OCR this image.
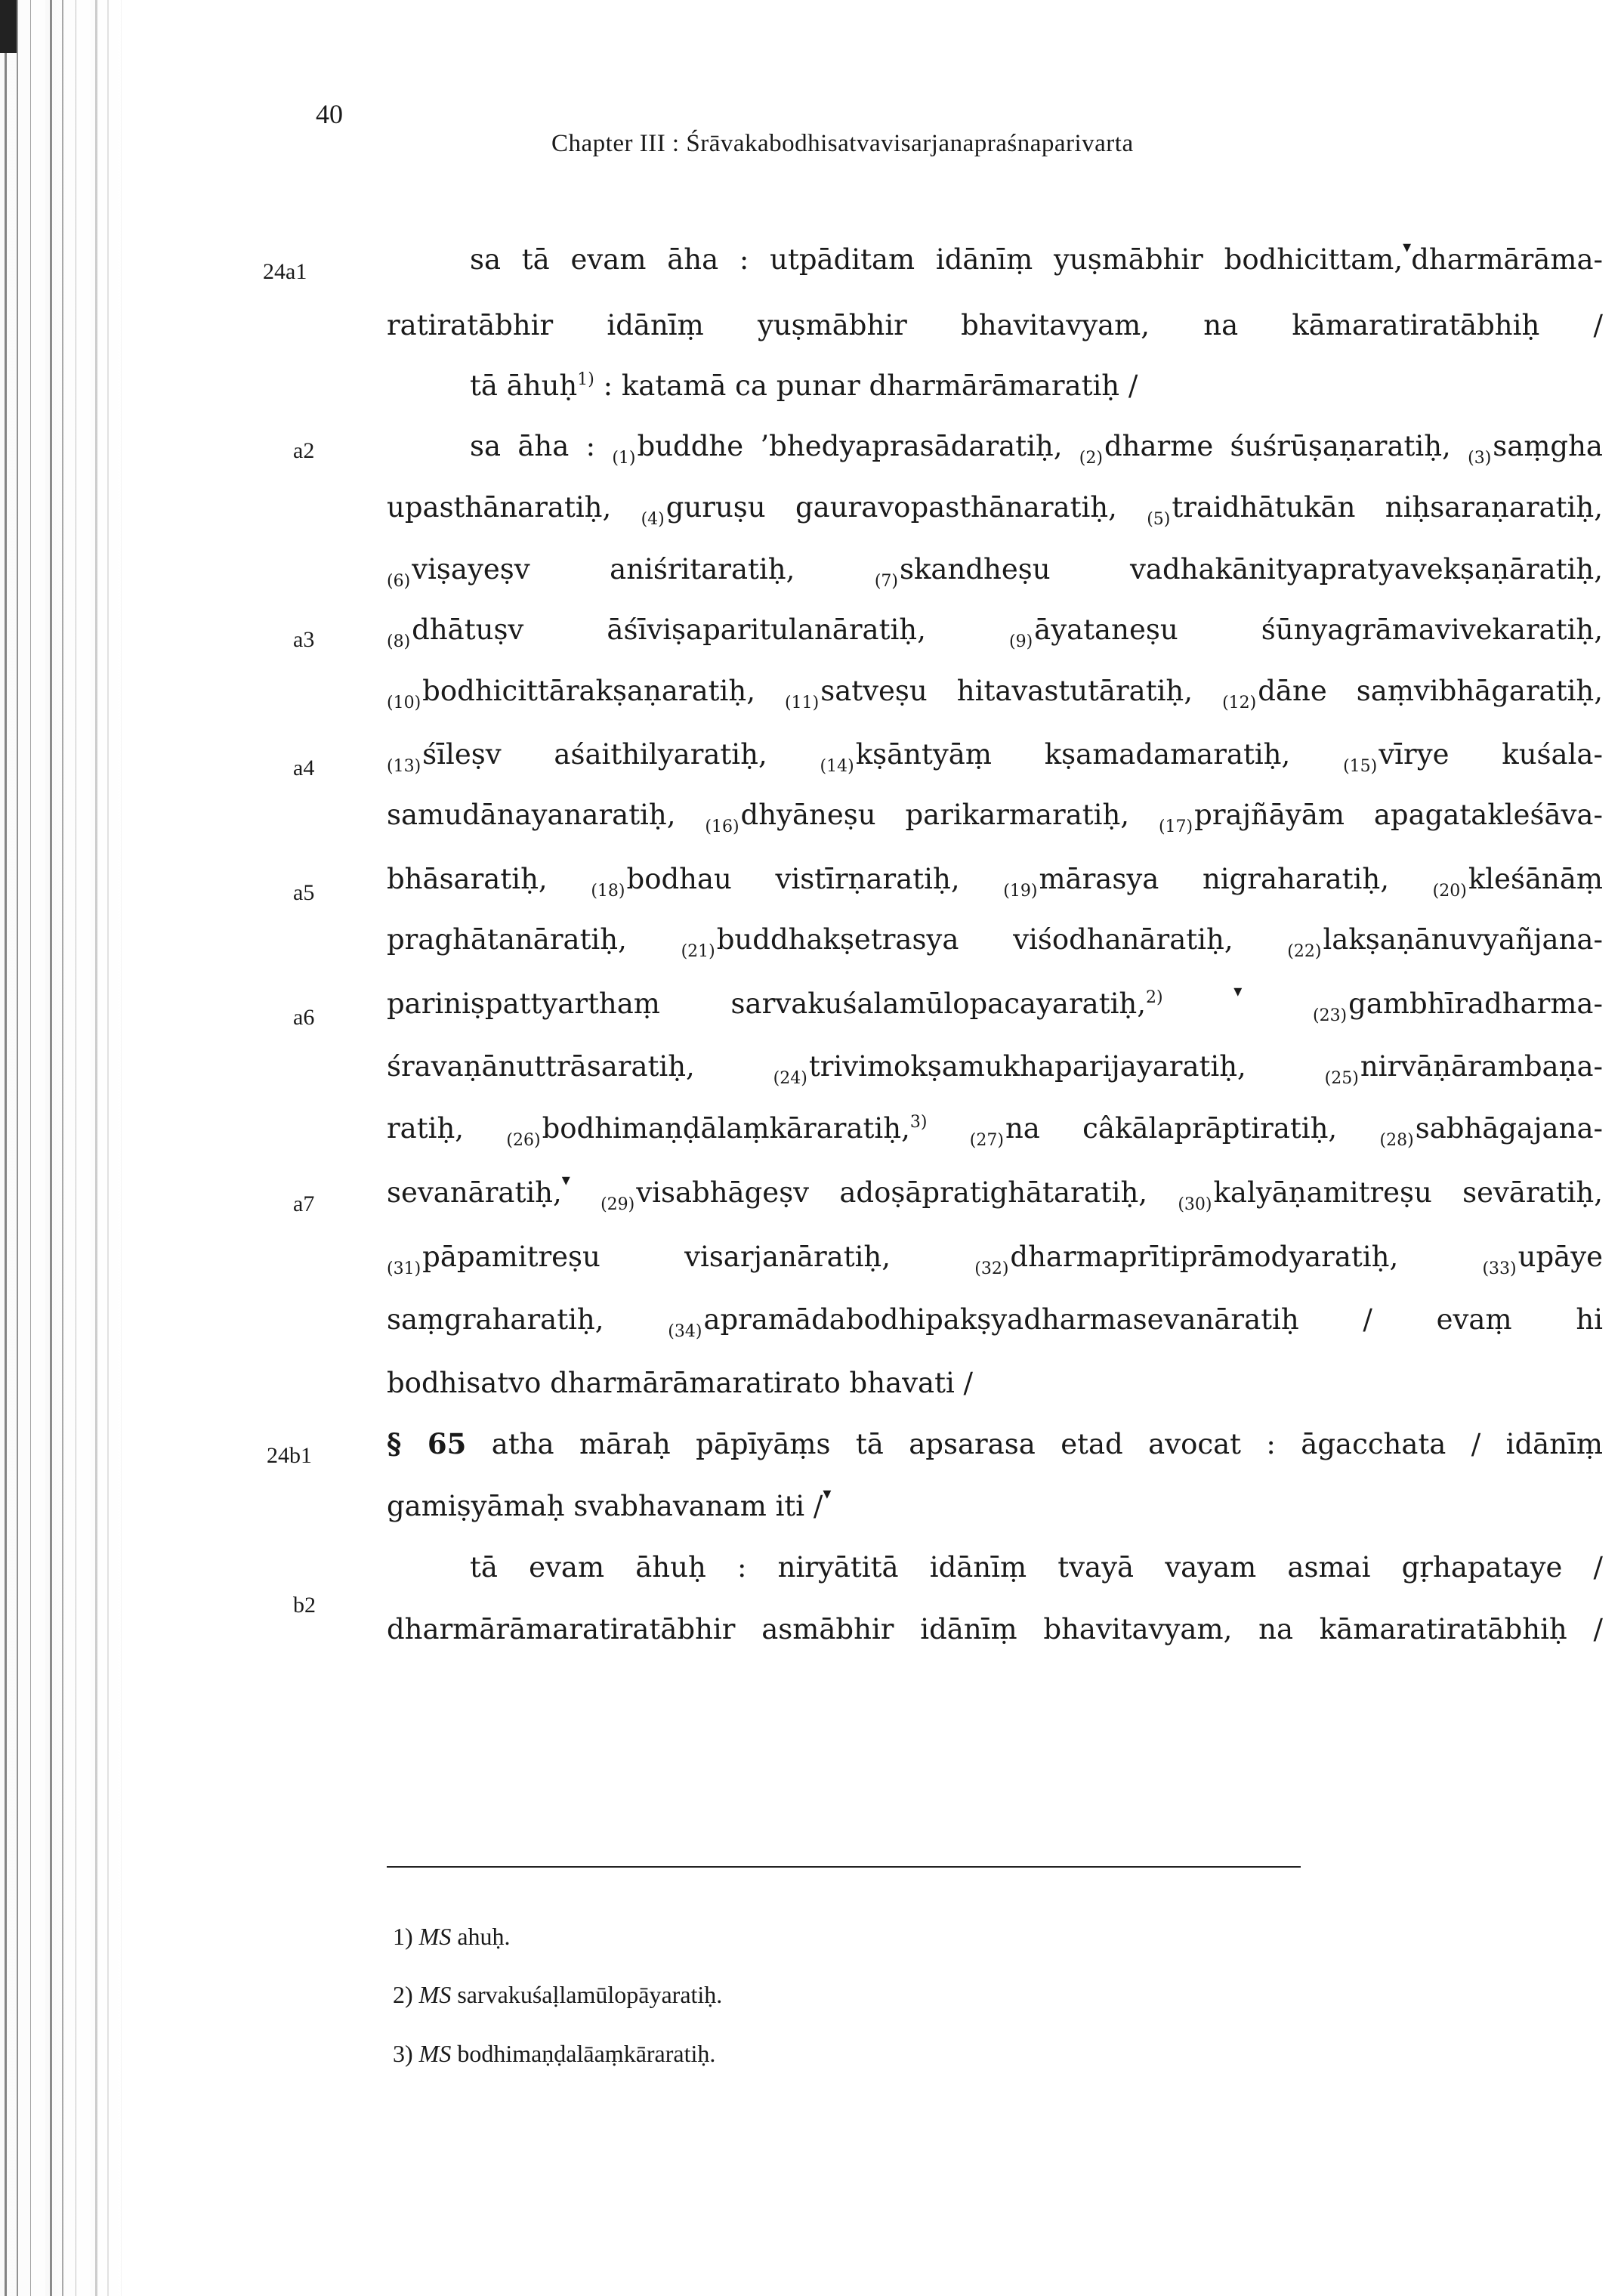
40
Chapter III : Śrāvakabodhisatvavisarjanapraśnaparivarta
24a1
a2
a3
a4
a5
a6
a7
24b1
b2
sa tā evam āha : utpāditam idānīṃ yuṣmābhir bodhicittam,▾dharmārāma-
ratiratābhir idānīṃ yuṣmābhir bhavitavyam, na kāmaratiratābhiḥ /
tā āhuḥ$^{1)}$ : katamā ca punar dharmārāmaratiḥ /
sa āha : $_{(1)}$buddhe ’bhedyaprasādaratiḥ, $_{(2)}$dharme śuśrūṣaṇaratiḥ, $_{(3)}$saṃgha
upasthānaratiḥ, $_{(4)}$guruṣu gauravopasthānaratiḥ, $_{(5)}$traidhātukān niḥsaraṇaratiḥ,
$_{(6)}$viṣayeṣv aniśritaratiḥ,	$_{(7)}$skandheṣu vadhakānityapratyavekṣaṇāratiḥ,
$_{(8)}$dhātuṣv āśīviṣaparitulanāratiḥ,	$_{(9)}$āyataneṣu śūnyagrāmavivekaratiḥ,
$_{(10)}$bodhicittārakṣaṇaratiḥ, $_{(11)}$satveṣu hitavastutāratiḥ, $_{(12)}$dāne saṃvibhāgaratiḥ,
$_{(13)}$śīleṣv aśaithilyaratiḥ,	$_{(14)}$kṣāntyāṃ kṣamadamaratiḥ,	$_{(15)}$vīrye kuśala-
samudānayanaratiḥ, $_{(16)}$dhyāneṣu parikarmaratiḥ, $_{(17)}$prajñāyām apagatakleśāva-
bhāsaratiḥ,	$_{(18)}$bodhau vistīrṇaratiḥ,	$_{(19)}$mārasya nigraharatiḥ,	$_{(20)}$kleśānāṃ
praghātanāratiḥ,	$_{(21)}$buddhakṣetrasya viśodhanāratiḥ,	$_{(22)}$lakṣaṇānuvyañjana-
pariniṣpattyarthaṃ sarvakuśalamūlopacayaratiḥ,$^{2)}$	▾ $_{(23)}$gambhīradharma-
śravaṇānuttrāsaratiḥ,	$_{(24)}$trivimokṣamukhaparijayaratiḥ,	$_{(25)}$nirvāṇārambaṇa-
ratiḥ,	$_{(26)}$bodhimaṇḍālaṃkāraratiḥ,$^{3)}$ $_{(27)}$na câkālaprāptiratiḥ,	$_{(28)}$sabhāgajana-
sevanāratiḥ,▾ $_{(29)}$visabhāgeṣv adoṣāpratighātaratiḥ, $_{(30)}$kalyāṇamitreṣu sevāratiḥ,
$_{(31)}$pāpamitreṣu visarjanāratiḥ,	$_{(32)}$dharmaprītiprāmodyaratiḥ,	$_{(33)}$upāye
saṃgraharatiḥ,	$_{(34)}$apramādabodhipakṣyadharmasevanāratiḥ / evaṃ hi
bodhisatvo dharmārāmaratirato bhavati /
§ 65 atha māraḥ pāpīyāṃs tā apsarasa etad avocat : āgacchata / idānīṃ
gamiṣyāmaḥ svabhavanam iti /▾
tā evam āhuḥ : niryātitā idānīṃ tvayā vayam asmai gṛhapataye /
dharmārāmaratiratābhir asmābhir idānīṃ bhavitavyam, na kāmaratiratābhiḥ /
1) MS ahuḥ.
2) MS sarvakuśaḷlamūlopāyaratiḥ.
3) MS bodhimaṇḍalāaṃkāraratiḥ.
